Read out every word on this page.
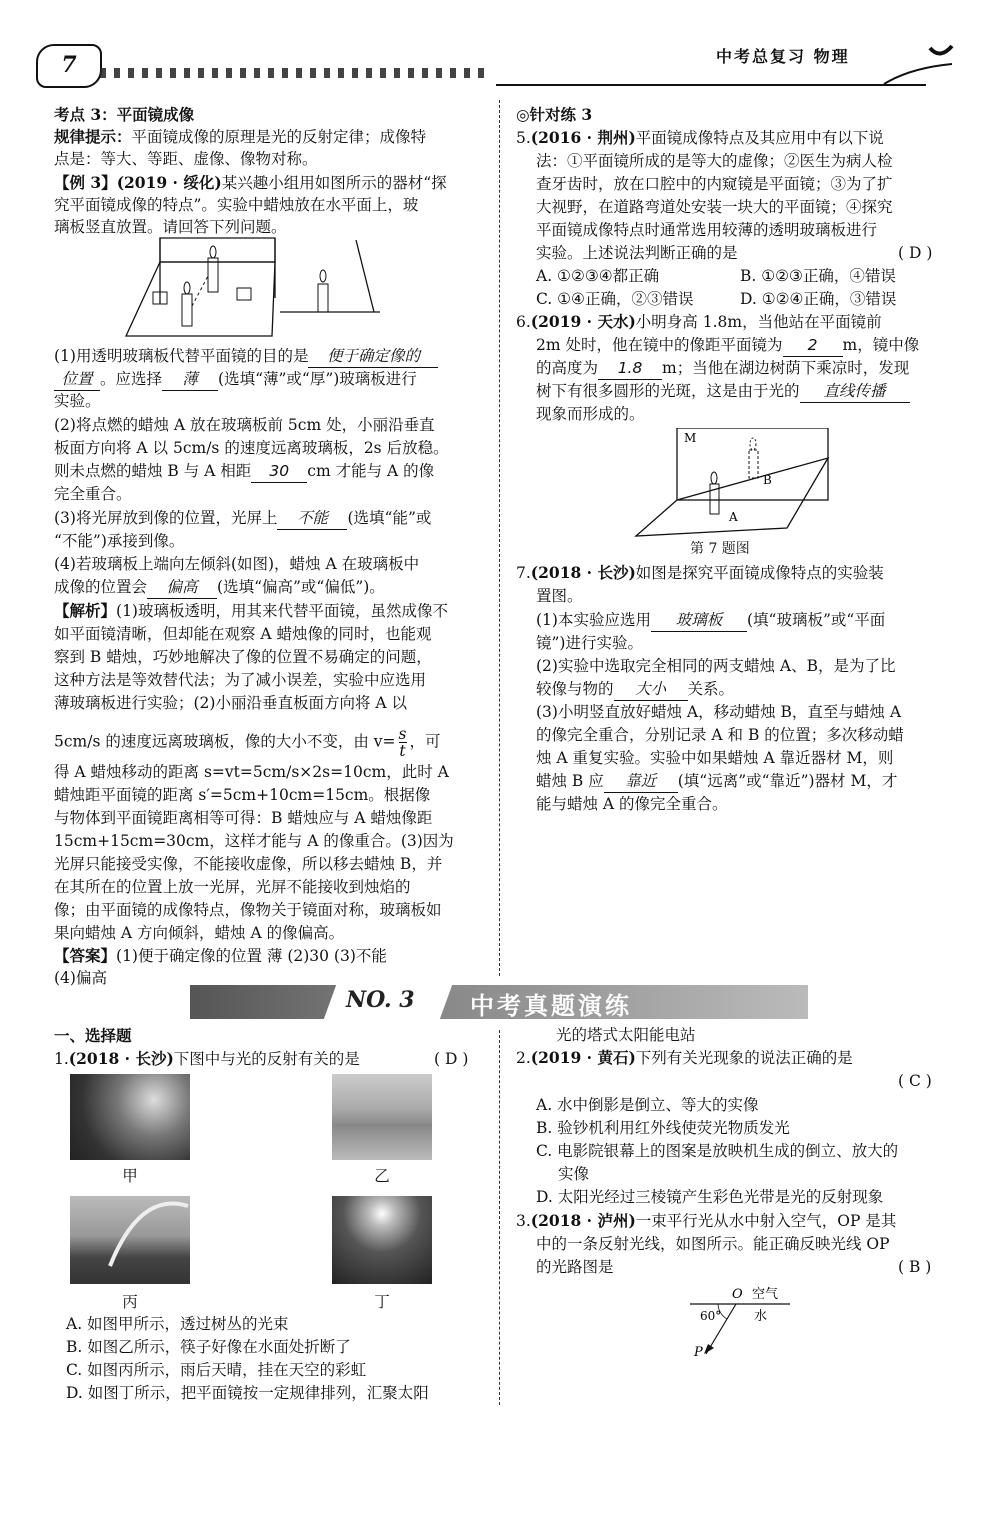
7	中考总复习 物理
考点 3：平面镜成像
规律提示：平面镜成像的原理是光的反射定律；成像特
点是：等大、等距、虚像、像物对称。
【例 3】(2019 · 绥化)某兴趣小组用如图所示的器材“探
究平面镜成像的特点”。实验中蜡烛放在水平面上，玻
璃板竖直放置。请回答下列问题。
(1)用透明玻璃板代替平面镜的目的是 便于确定像的
位置 。应选择 薄 (选填“薄”或“厚”)玻璃板进行
实验。
(2)将点燃的蜡烛 A 放在玻璃板前 5cm 处，小丽沿垂直
板面方向将 A 以 5cm/s 的速度远离玻璃板，2s 后放稳。
则未点燃的蜡烛 B 与 A 相距 30 cm 才能与 A 的像
完全重合。
(3)将光屏放到像的位置，光屏上 不能 (选填“能”或
“不能”)承接到像。
(4)若玻璃板上端向左倾斜(如图)，蜡烛 A 在玻璃板中
成像的位置会 偏高 (选填“偏高”或“偏低”)。
【解析】(1)玻璃板透明，用其来代替平面镜，虽然成像不
如平面镜清晰，但却能在观察 A 蜡烛像的同时，也能观
察到 B 蜡烛，巧妙地解决了像的位置不易确定的问题，
这种方法是等效替代法；为了减小误差，实验中应选用
薄玻璃板进行实验；(2)小丽沿垂直板面方向将 A 以
5cm/s 的速度远离玻璃板，像的大小不变，由 $v= \frac{s}{t}$ ，可
得 A 蜡烛移动的距离 s=vt=5cm/s×2s=10cm，此时 A
蜡烛距平面镜的距离 s′=5cm+10cm=15cm。根据像
与物体到平面镜距离相等可得：B 蜡烛应与 A 蜡烛像距
15cm+15cm=30cm，这样才能与 A 的像重合。(3)因为
光屏只能接受实像，不能接收虚像，所以移去蜡烛 B，并
在其所在的位置上放一光屏，光屏不能接收到烛焰的
像；由平面镜的成像特点，像物关于镜面对称，玻璃板如
果向蜡烛 A 方向倾斜，蜡烛 A 的像偏高。
【答案】(1)便于确定像的位置 薄 (2)30 (3)不能
(4)偏高
◎针对练 3
5.(2016 · 荆州)平面镜成像特点及其应用中有以下说
法：①平面镜所成的是等大的虚像；②医生为病人检
查牙齿时，放在口腔中的内窥镜是平面镜；③为了扩
大视野，在道路弯道处安装一块大的平面镜；④探究
平面镜成像特点时通常选用较薄的透明玻璃板进行
实验。上述说法判断正确的是	( D )
A. ①②③④都正确	B. ①②③正确，④错误
C. ①④正确，②③错误	D. ①②④正确，③错误
6.(2019 · 天水)小明身高 1.8m，当他站在平面镜前
2m 处时，他在镜中的像距平面镜为 2 m，镜中像
的高度为 1.8 m；当他在湖边树荫下乘凉时，发现
树下有很多圆形的光斑，这是由于光的 直线传播
现象而形成的。
M
A
B
第 7 题图
7.(2018 · 长沙)如图是探究平面镜成像特点的实验装
置图。
(1)本实验应选用 玻璃板 (填“玻璃板”或“平面
镜”)进行实验。
(2)实验中选取完全相同的两支蜡烛 A、B，是为了比
较像与物的 大小 关系。
(3)小明竖直放好蜡烛 A，移动蜡烛 B，直至与蜡烛 A
的像完全重合，分别记录 A 和 B 的位置；多次移动蜡
烛 A 重复实验。实验中如果蜡烛 A 靠近器材 M，则
蜡烛 B 应 靠近 (填“远离”或“靠近”)器材 M，才
能与蜡烛 A 的像完全重合。
NO. 3 中考真题演练
一、选择题
1.(2018 · 长沙)下图中与光的反射有关的是	( D )
甲	乙
丙	丁
A. 如图甲所示，透过树丛的光束
B. 如图乙所示，筷子好像在水面处折断了
C. 如图丙所示，雨后天晴，挂在天空的彩虹
D. 如图丁所示，把平面镜按一定规律排列，汇聚太阳
光的塔式太阳能电站
2.(2019 · 黄石)下列有关光现象的说法正确的是
( C )
A. 水中倒影是倒立、等大的实像
B. 验钞机利用红外线使荧光物质发光
C. 电影院银幕上的图案是放映机生成的倒立、放大的
实像
D. 太阳光经过三棱镜产生彩色光带是光的反射现象
3.(2018 · 泸州)一束平行光从水中射入空气，OP 是其
中的一条反射光线，如图所示。能正确反映光线 OP
的光路图是	( B )
O 空气
水
60°
P
